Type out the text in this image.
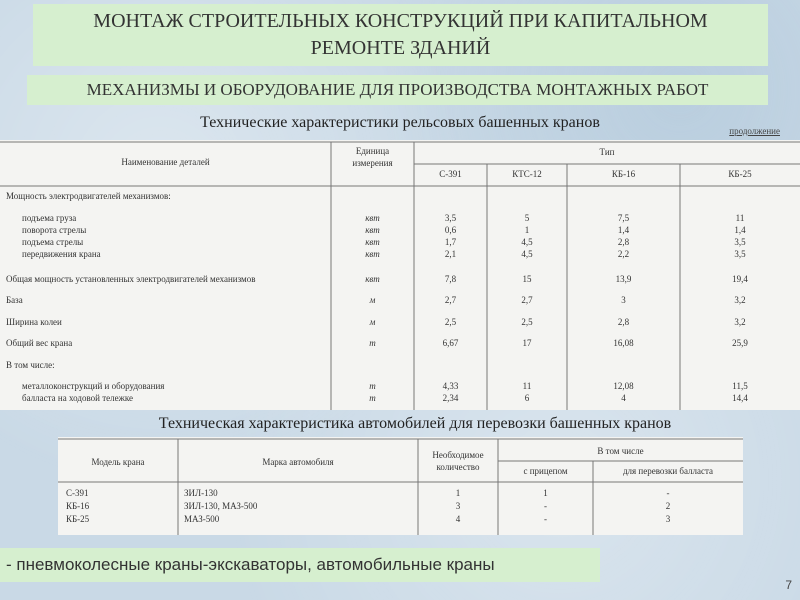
МОНТАЖ СТРОИТЕЛЬНЫХ КОНСТРУКЦИЙ ПРИ КАПИТАЛЬНОМ
РЕМОНТЕ ЗДАНИЙ
МЕХАНИЗМЫ И ОБОРУДОВАНИЕ ДЛЯ ПРОИЗВОДСТВА МОНТАЖНЫХ РАБОТ
Технические характеристики рельсовых башенных кранов	продолжение
Наименование деталей
Единица
измерения
Тип
С-391	КТС-12	КБ-16	КБ-25
Мощность электродвигателей механизмов:
подъема груза	квт	3,5	5	7,5	11
поворота стрелы	квт	0,6	1	1,4	1,4
подъема стрелы	квт	1,7	4,5	2,8	3,5
передвижения крана	квт	2,1	4,5	2,2	3,5
Общая мощность установленных электродвигателей механизмов	квт	7,8	15	13,9	19,4
База	м	2,7	2,7	3	3,2
Ширина колеи	м	2,5	2,5	2,8	3,2
Общий вес крана	т	6,67	17	16,08	25,9
В том числе:
металлоконструкций и оборудования	т	4,33	11	12,08	11,5
балласта на ходовой тележке	т	2,34	6	4	14,4
Техническая характеристика автомобилей для перевозки башенных кранов
Модель крана	Марка автомобиля
Необходимое
количество
В том числе
с прицепом	для перевозки балласта
С-391	ЗИЛ-130	1	1	-
КБ-16	ЗИЛ-130, МАЗ-500	3	-	2
КБ-25	МАЗ-500	4	-	3
- пневмоколесные краны-экскаваторы, автомобильные краны
7
